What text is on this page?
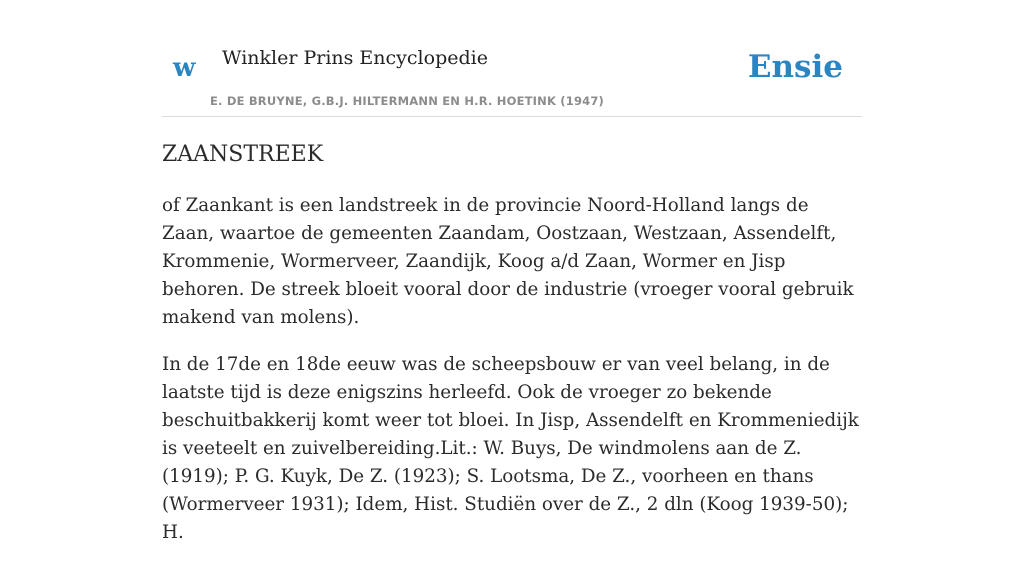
w Winkler Prins Encyclopedie
E. DE BRUYNE, G.B.J. HILTERMANN EN H.R. HOETINK (1947)
Ensie
ZAANSTREEK

of Zaankant is een landstreek in de provincie Noord-Holland langs de Zaan, waartoe de gemeenten Zaandam, Oostzaan, Westzaan, Assendelft, Krommenie, Wormerveer, Zaandijk, Koog a/d Zaan, Wormer en Jisp behoren. De streek bloeit vooral door de industrie (vroeger vooral gebruik makend van molens).

In de 17de en 18de eeuw was de scheepsbouw er van veel belang, in de laatste tijd is deze enigszins herleefd. Ook de vroeger zo bekende beschuitbakkerij komt weer tot bloei. In Jisp, Assendelft en Krommeniedijk is veeteelt en zuivelbereiding.Lit.: W. Buys, De windmolens aan de Z. (1919); P. G. Kuyk, De Z. (1923); S. Lootsma, De Z., voorheen en thans (Wormerveer 1931); Idem, Hist. Studiën over de Z., 2 dln (Koog 1939-50); H.
